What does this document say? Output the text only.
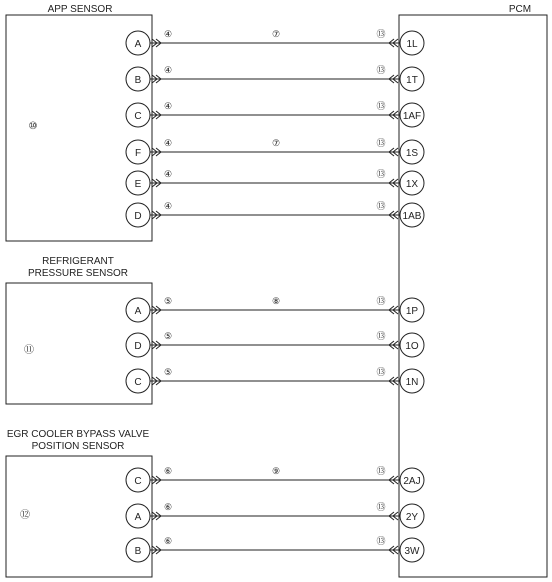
APP SENSOR	PCM
REFRIGERANT
PRESSURE SENSOR
EGR COOLER BYPASS VALVE
POSITION SENSOR
⑩
⑪
⑫
A	1L
④	⑬
⑦
B	1T
④	⑬
C	1AF
④	⑬
F	1S
④	⑬
⑦
E	1X
④	⑬
D	1AB
④	⑬
A	1P
⑤	⑬
⑧
D	1O
⑤	⑬
C	1N
⑤	⑬
C	2AJ
⑥	⑬
⑨
A	2Y
⑥	⑬
B	3W
⑥	⑬
